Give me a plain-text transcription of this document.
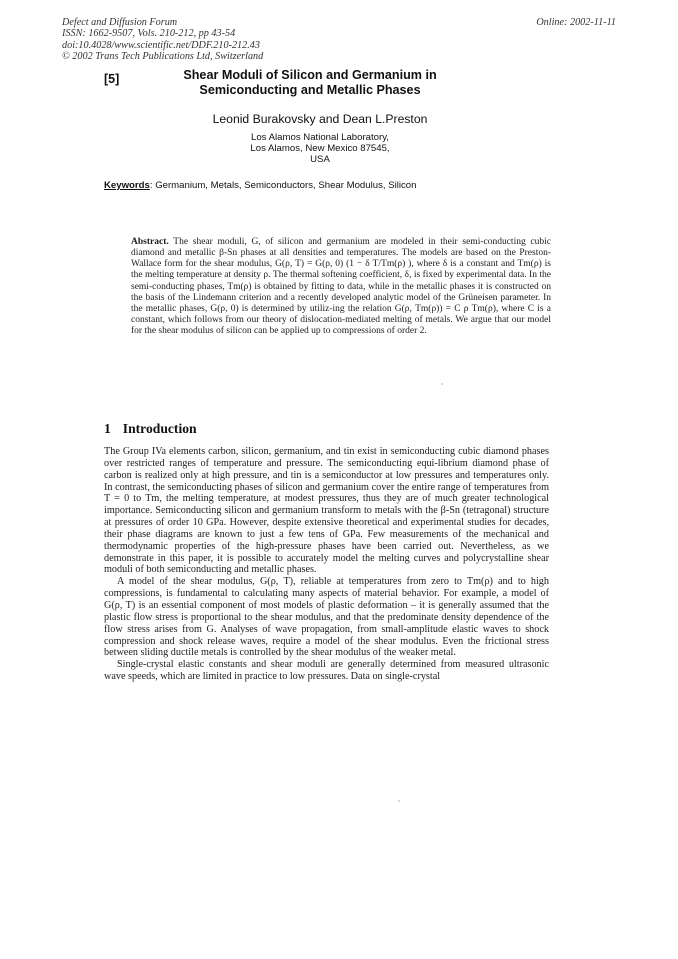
Defect and Diffusion Forum
ISSN: 1662-9507, Vols. 210-212, pp 43-54
doi:10.4028/www.scientific.net/DDF.210-212.43
© 2002 Trans Tech Publications Ltd, Switzerland
Online: 2002-11-11
[5]	Shear Moduli of Silicon and Germanium in
Semiconducting and Metallic Phases
Leonid Burakovsky and Dean L.Preston
Los Alamos National Laboratory,
Los Alamos, New Mexico 87545,
USA
Keywords: Germanium, Metals, Semiconductors, Shear Modulus, Silicon
Abstract. The shear moduli, G, of silicon and germanium are modeled in their semi-conducting cubic diamond and metallic β-Sn phases at all densities and temperatures. The models are based on the Preston-Wallace form for the shear modulus, G(ρ, T) = G(ρ, 0) (1 − δ T/Tm(ρ) ), where δ is a constant and Tm(ρ) is the melting temperature at density ρ. The thermal softening coefficient, δ, is fixed by experimental data. In the semi-conducting phases, Tm(ρ) is obtained by fitting to data, while in the metallic phases it is constructed on the basis of the Lindemann criterion and a recently developed analytic model of the Grüneisen parameter. In the metallic phases, G(ρ, 0) is determined by utiliz-ing the relation G(ρ, Tm(ρ)) = C ρ Tm(ρ), where C is a constant, which follows from our theory of dislocation-mediated melting of metals. We argue that our model for the shear modulus of silicon can be applied up to compressions of order 2.
1 Introduction

The Group IVa elements carbon, silicon, germanium, and tin exist in semiconducting cubic diamond phases over restricted ranges of temperature and pressure. The semiconducting equi-librium diamond phase of carbon is realized only at high pressure, and tin is a semiconductor at low pressures and temperatures only. In contrast, the semiconducting phases of silicon and germanium cover the entire range of temperatures from T = 0 to Tm, the melting temperature, at modest pressures, thus they are of much greater technological importance. Semiconducting silicon and germanium transform to metals with the β-Sn (tetragonal) structure at pressures of order 10 GPa. However, despite extensive theoretical and experimental studies for decades, their phase diagrams are known to just a few tens of GPa. Few measurements of the mechanical and thermodynamic properties of the high-pressure phases have been carried out. Nevertheless, as we demonstrate in this paper, it is possible to accurately model the melting curves and polycrystalline shear moduli of both semiconducting and metallic phases.

A model of the shear modulus, G(ρ, T), reliable at temperatures from zero to Tm(ρ) and to high compressions, is fundamental to calculating many aspects of material behavior. For example, a model of G(ρ, T) is an essential component of most models of plastic deformation – it is generally assumed that the plastic flow stress is proportional to the shear modulus, and that the predominate density dependence of the flow stress arises from G. Analyses of wave propagation, from small-amplitude elastic waves to shock compression and shock release waves, require a model of the shear modulus. Even the frictional stress between sliding ductile metals is controlled by the shear modulus of the weaker metal.

Single-crystal elastic constants and shear moduli are generally determined from measured ultrasonic wave speeds, which are limited in practice to low pressures. Data on single-crystal
